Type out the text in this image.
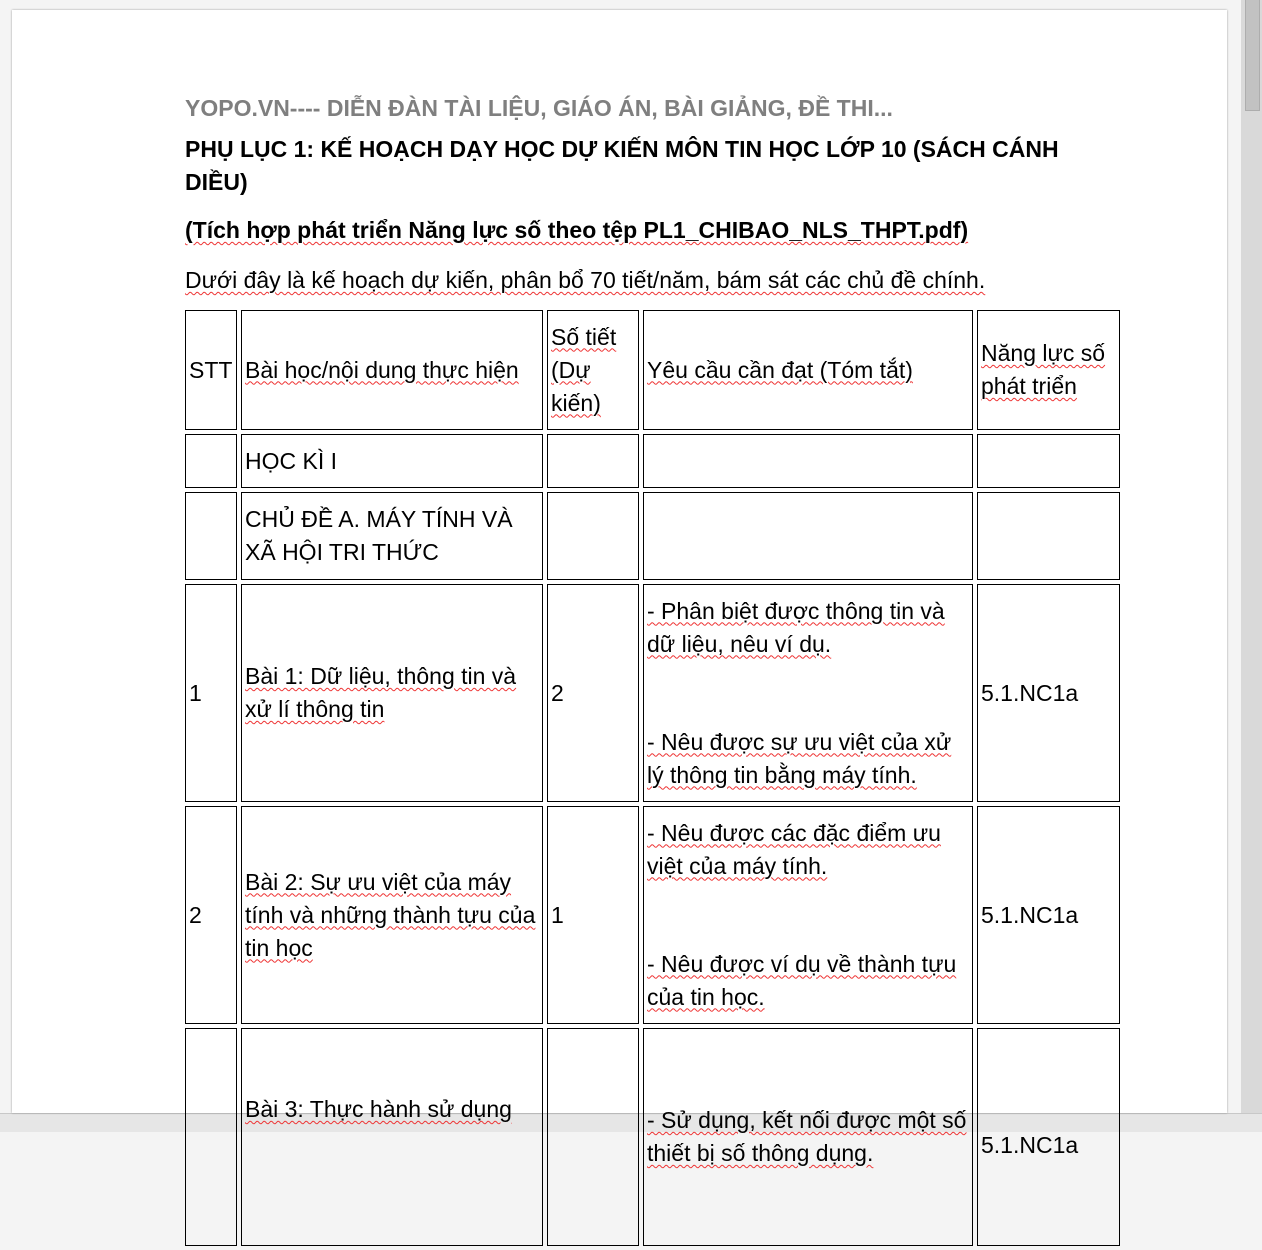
YOPO.VN---- DIỄN ĐÀN TÀI LIỆU, GIÁO ÁN, BÀI GIẢNG, ĐỀ THI...
PHỤ LỤC 1: KẾ HOẠCH DẠY HỌC DỰ KIẾN MÔN TIN HỌC LỚP 10 (SÁCH CÁNH DIỀU)
(Tích hợp phát triển Năng lực số theo tệp PL1_CHIBAO_NLS_THPT.pdf)
Dưới đây là kế hoạch dự kiến, phân bổ 70 tiết/năm, bám sát các chủ đề chính.
STT	Bài học/nội dung thực hiện	Số tiết (Dự kiến)	Yêu cầu cần đạt (Tóm tắt)	Năng lực số phát triển
	HỌC KÌ I			
	CHỦ ĐỀ A. MÁY TÍNH VÀ XÃ HỘI TRI THỨC			
1	Bài 1: Dữ liệu, thông tin và xử lí thông tin	2	- Phân biệt được thông tin và dữ liệu, nêu ví dụ.
- Nêu được sự ưu việt của xử lý thông tin bằng máy tính.	5.1.NC1a
2	Bài 2: Sự ưu việt của máy tính và những thành tựu của tin học	1	- Nêu được các đặc điểm ưu việt của máy tính.
- Nêu được ví dụ về thành tựu của tin học.	5.1.NC1a
	Bài 3: Thực hành sử dụng		- Sử dụng, kết nối được một số thiết bị số thông dụng.	5.1.NC1a
